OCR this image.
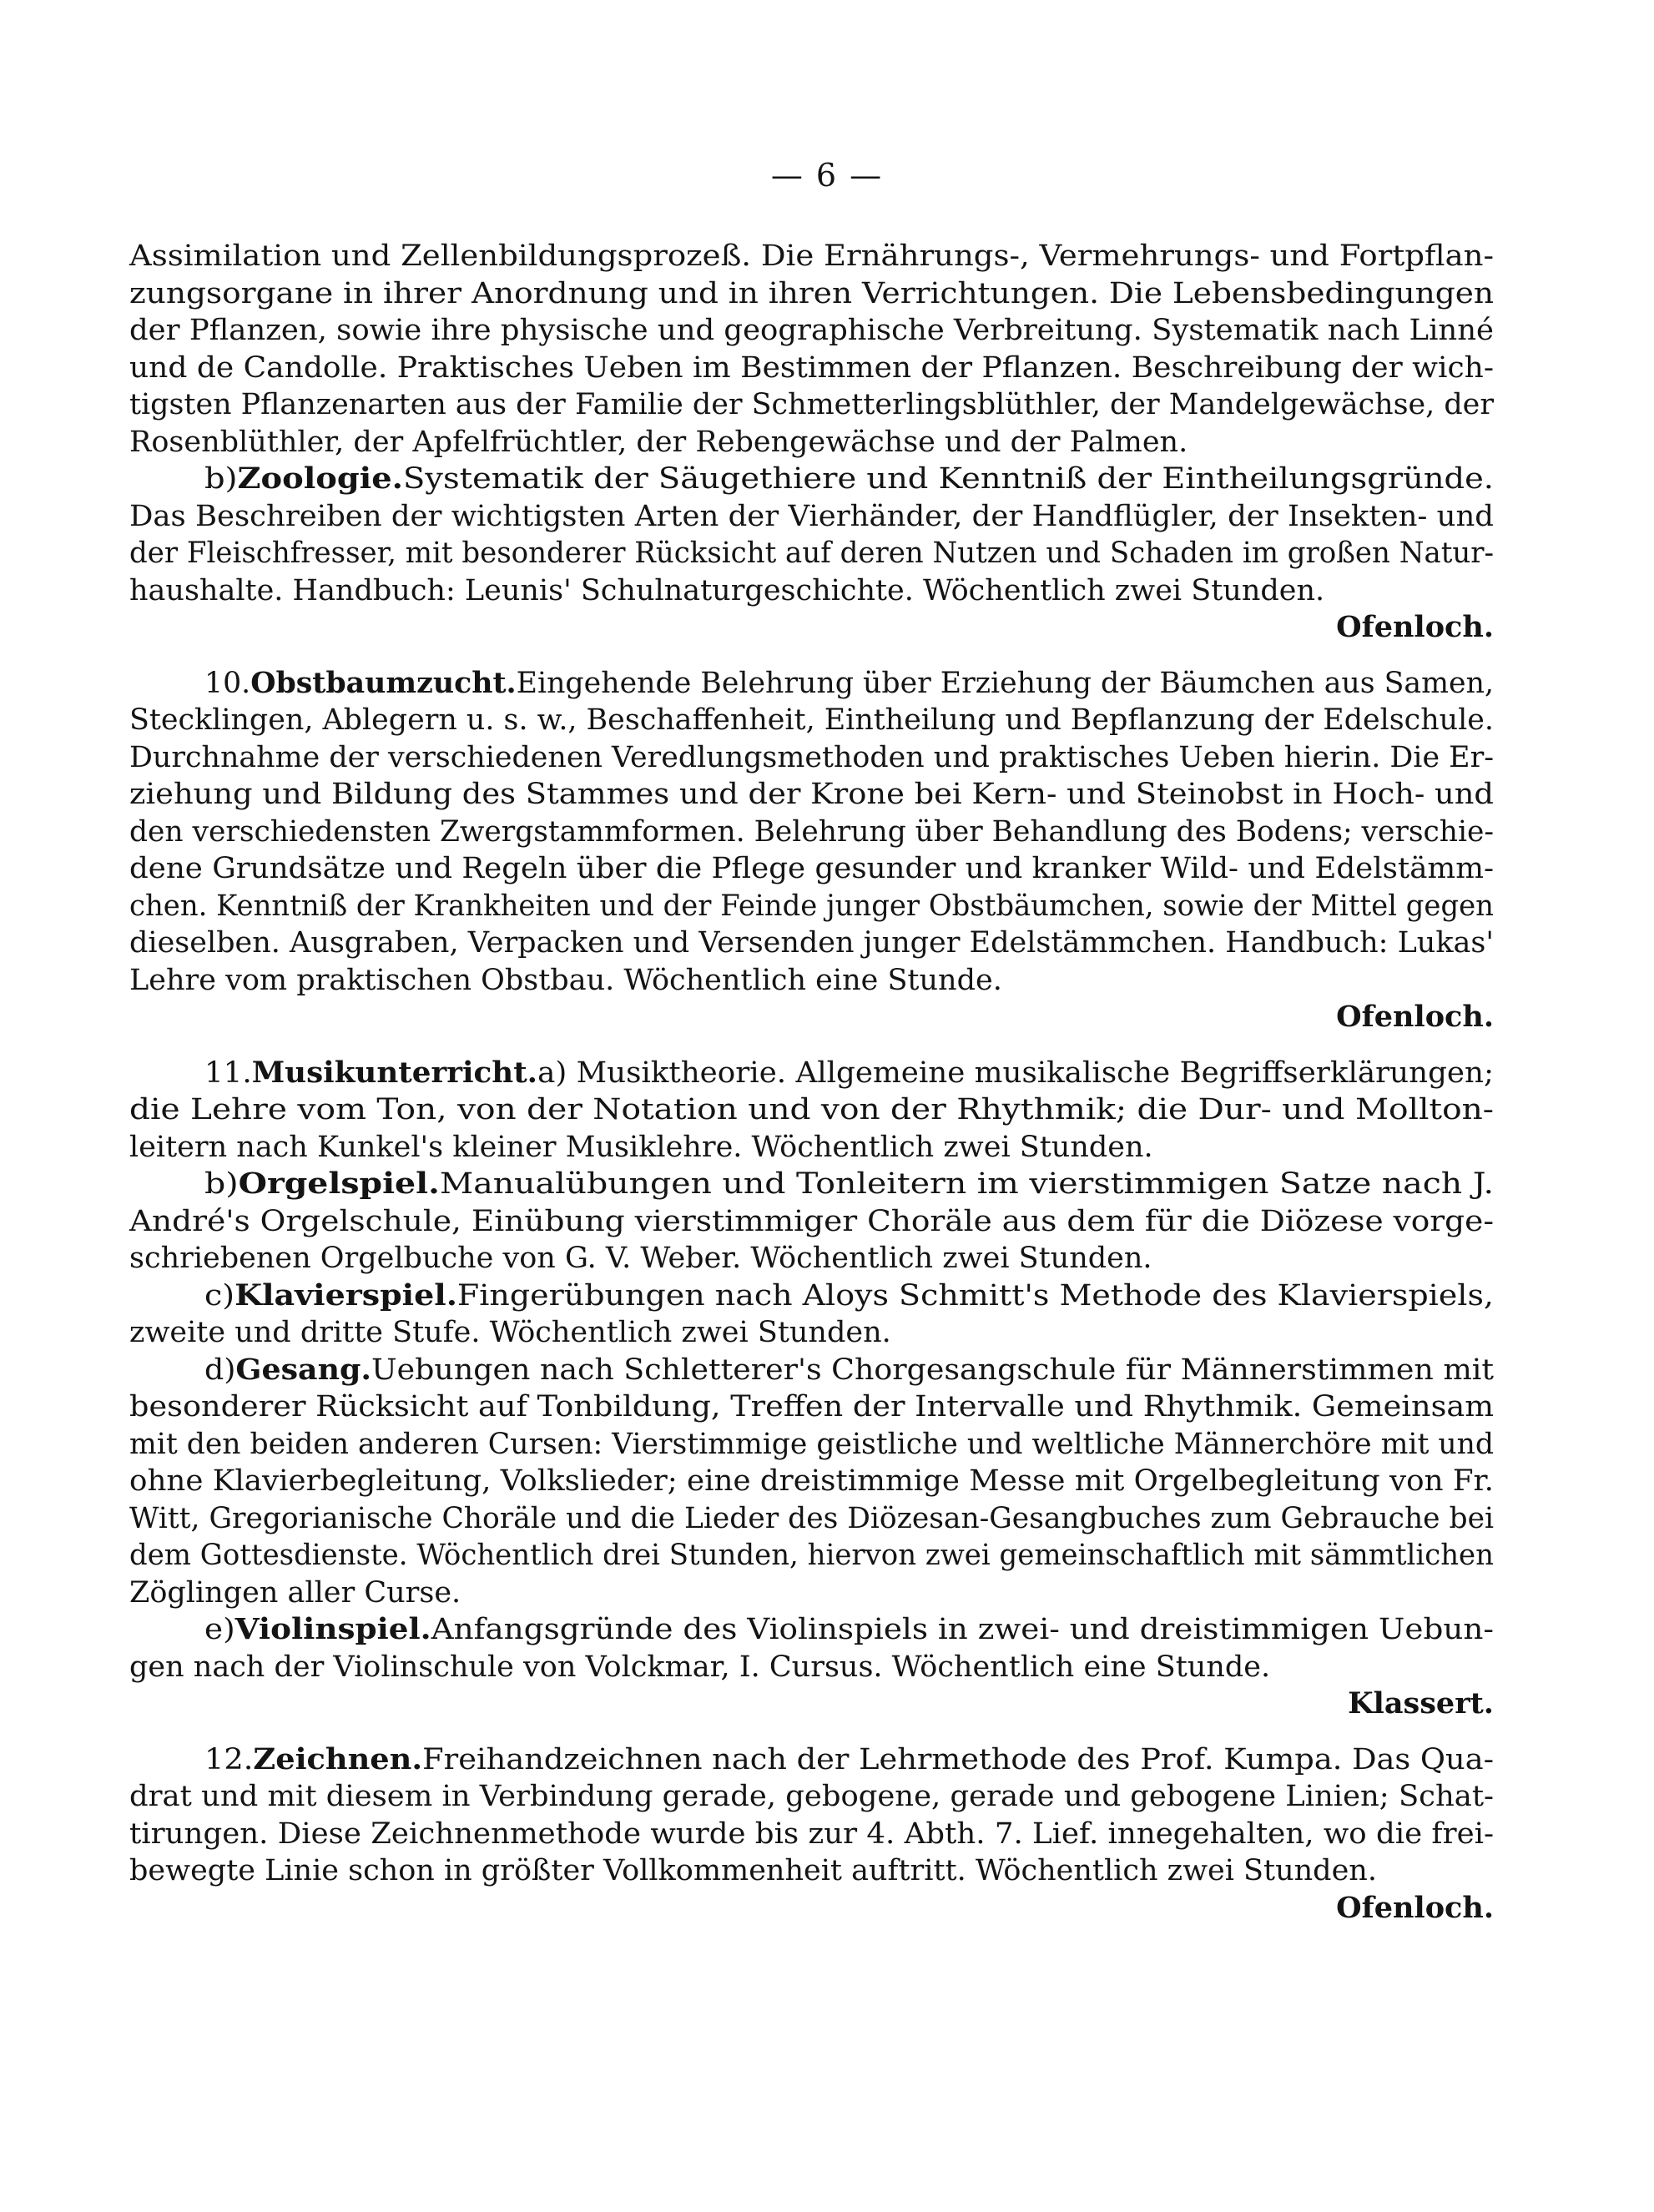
— 6 —
Assimilation und Zellenbildungsprozeß. Die Ernährungs-, Vermehrungs- und Fortpflan-
zungsorgane in ihrer Anordnung und in ihren Verrichtungen. Die Lebensbedingungen
der Pflanzen, sowie ihre physische und geographische Verbreitung. Systematik nach Linné
und de Candolle. Praktisches Ueben im Bestimmen der Pflanzen. Beschreibung der wich-
tigsten Pflanzenarten aus der Familie der Schmetterlingsblüthler, der Mandelgewächse, der
Rosenblüthler, der Apfelfrüchtler, der Rebengewächse und der Palmen.
b)Zoologie.Systematik der Säugethiere und Kenntniß der Eintheilungsgründe.
Das Beschreiben der wichtigsten Arten der Vierhänder, der Handflügler, der Insekten- und
der Fleischfresser, mit besonderer Rücksicht auf deren Nutzen und Schaden im großen Natur-
haushalte. Handbuch: Leunis' Schulnaturgeschichte. Wöchentlich zwei Stunden.
Ofenloch.
10.Obstbaumzucht.Eingehende Belehrung über Erziehung der Bäumchen aus Samen,
Stecklingen, Ablegern u. s. w., Beschaffenheit, Eintheilung und Bepflanzung der Edelschule.
Durchnahme der verschiedenen Veredlungsmethoden und praktisches Ueben hierin. Die Er-
ziehung und Bildung des Stammes und der Krone bei Kern- und Steinobst in Hoch- und
den verschiedensten Zwergstammformen. Belehrung über Behandlung des Bodens; verschie-
dene Grundsätze und Regeln über die Pflege gesunder und kranker Wild- und Edelstämm-
chen. Kenntniß der Krankheiten und der Feinde junger Obstbäumchen, sowie der Mittel gegen
dieselben. Ausgraben, Verpacken und Versenden junger Edelstämmchen. Handbuch: Lukas'
Lehre vom praktischen Obstbau. Wöchentlich eine Stunde.
Ofenloch.
11.Musikunterricht.a) Musiktheorie. Allgemeine musikalische Begriffserklärungen;
die Lehre vom Ton, von der Notation und von der Rhythmik; die Dur- und Mollton-
leitern nach Kunkel's kleiner Musiklehre. Wöchentlich zwei Stunden.
b)Orgelspiel.Manualübungen und Tonleitern im vierstimmigen Satze nach J.
André's Orgelschule, Einübung vierstimmiger Choräle aus dem für die Diözese vorge-
schriebenen Orgelbuche von G. V. Weber. Wöchentlich zwei Stunden.
c)Klavierspiel.Fingerübungen nach Aloys Schmitt's Methode des Klavierspiels,
zweite und dritte Stufe. Wöchentlich zwei Stunden.
d)Gesang.Uebungen nach Schletterer's Chorgesangschule für Männerstimmen mit
besonderer Rücksicht auf Tonbildung, Treffen der Intervalle und Rhythmik. Gemeinsam
mit den beiden anderen Cursen: Vierstimmige geistliche und weltliche Männerchöre mit und
ohne Klavierbegleitung, Volkslieder; eine dreistimmige Messe mit Orgelbegleitung von Fr.
Witt, Gregorianische Choräle und die Lieder des Diözesan-Gesangbuches zum Gebrauche bei
dem Gottesdienste. Wöchentlich drei Stunden, hiervon zwei gemeinschaftlich mit sämmtlichen
Zöglingen aller Curse.
e)Violinspiel.Anfangsgründe des Violinspiels in zwei- und dreistimmigen Uebun-
gen nach der Violinschule von Volckmar, I. Cursus. Wöchentlich eine Stunde.
Klassert.
12.Zeichnen.Freihandzeichnen nach der Lehrmethode des Prof. Kumpa. Das Qua-
drat und mit diesem in Verbindung gerade, gebogene, gerade und gebogene Linien; Schat-
tirungen. Diese Zeichnenmethode wurde bis zur 4. Abth. 7. Lief. innegehalten, wo die frei-
bewegte Linie schon in größter Vollkommenheit auftritt. Wöchentlich zwei Stunden.
Ofenloch.
